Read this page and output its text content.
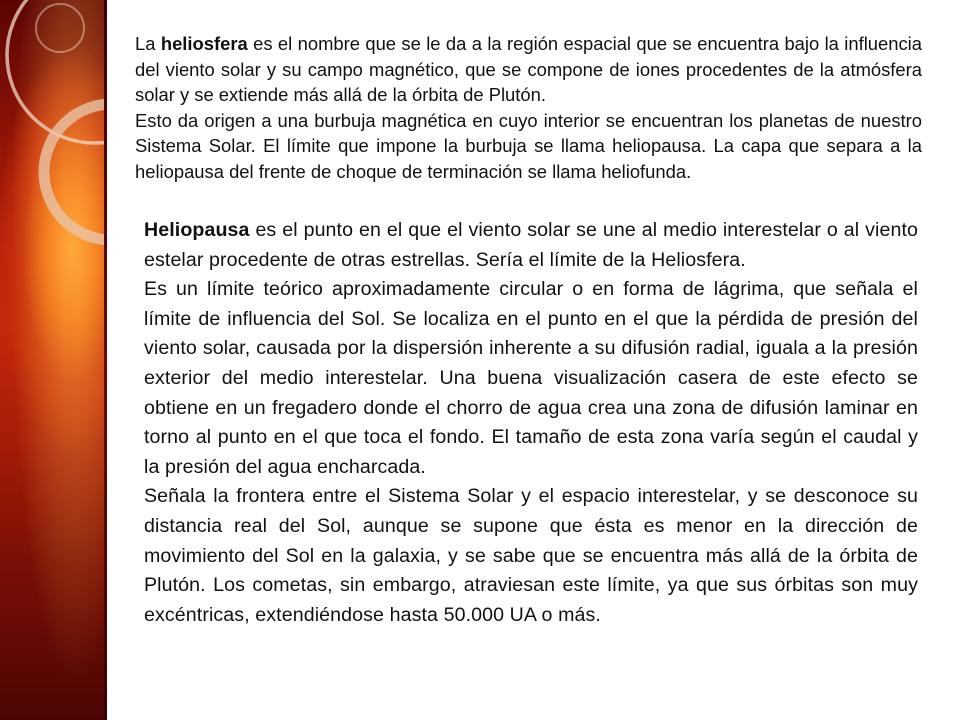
La heliosfera es el nombre que se le da a la región espacial que se encuentra bajo la influencia del viento solar y su campo magnético, que se compone de iones procedentes de la atmósfera solar y se extiende más allá de la órbita de Plutón.

Esto da origen a una burbuja magnética en cuyo interior se encuentran los planetas de nuestro Sistema Solar. El límite que impone la burbuja se llama heliopausa. La capa que separa a la heliopausa del frente de choque de terminación se llama heliofunda.

Heliopausa es el punto en el que el viento solar se une al medio interestelar o al viento estelar procedente de otras estrellas. Sería el límite de la Heliosfera.

Es un límite teórico aproximadamente circular o en forma de lágrima, que señala el límite de influencia del Sol. Se localiza en el punto en el que la pérdida de presión del viento solar, causada por la dispersión inherente a su difusión radial, iguala a la presión exterior del medio interestelar. Una buena visualización casera de este efecto se obtiene en un fregadero donde el chorro de agua crea una zona de difusión laminar en torno al punto en el que toca el fondo. El tamaño de esta zona varía según el caudal y la presión del agua encharcada.

Señala la frontera entre el Sistema Solar y el espacio interestelar, y se desconoce su distancia real del Sol, aunque se supone que ésta es menor en la dirección de movimiento del Sol en la galaxia, y se sabe que se encuentra más allá de la órbita de Plutón. Los cometas, sin embargo, atraviesan este límite, ya que sus órbitas son muy excéntricas, extendiéndose hasta 50.000 UA o más.
